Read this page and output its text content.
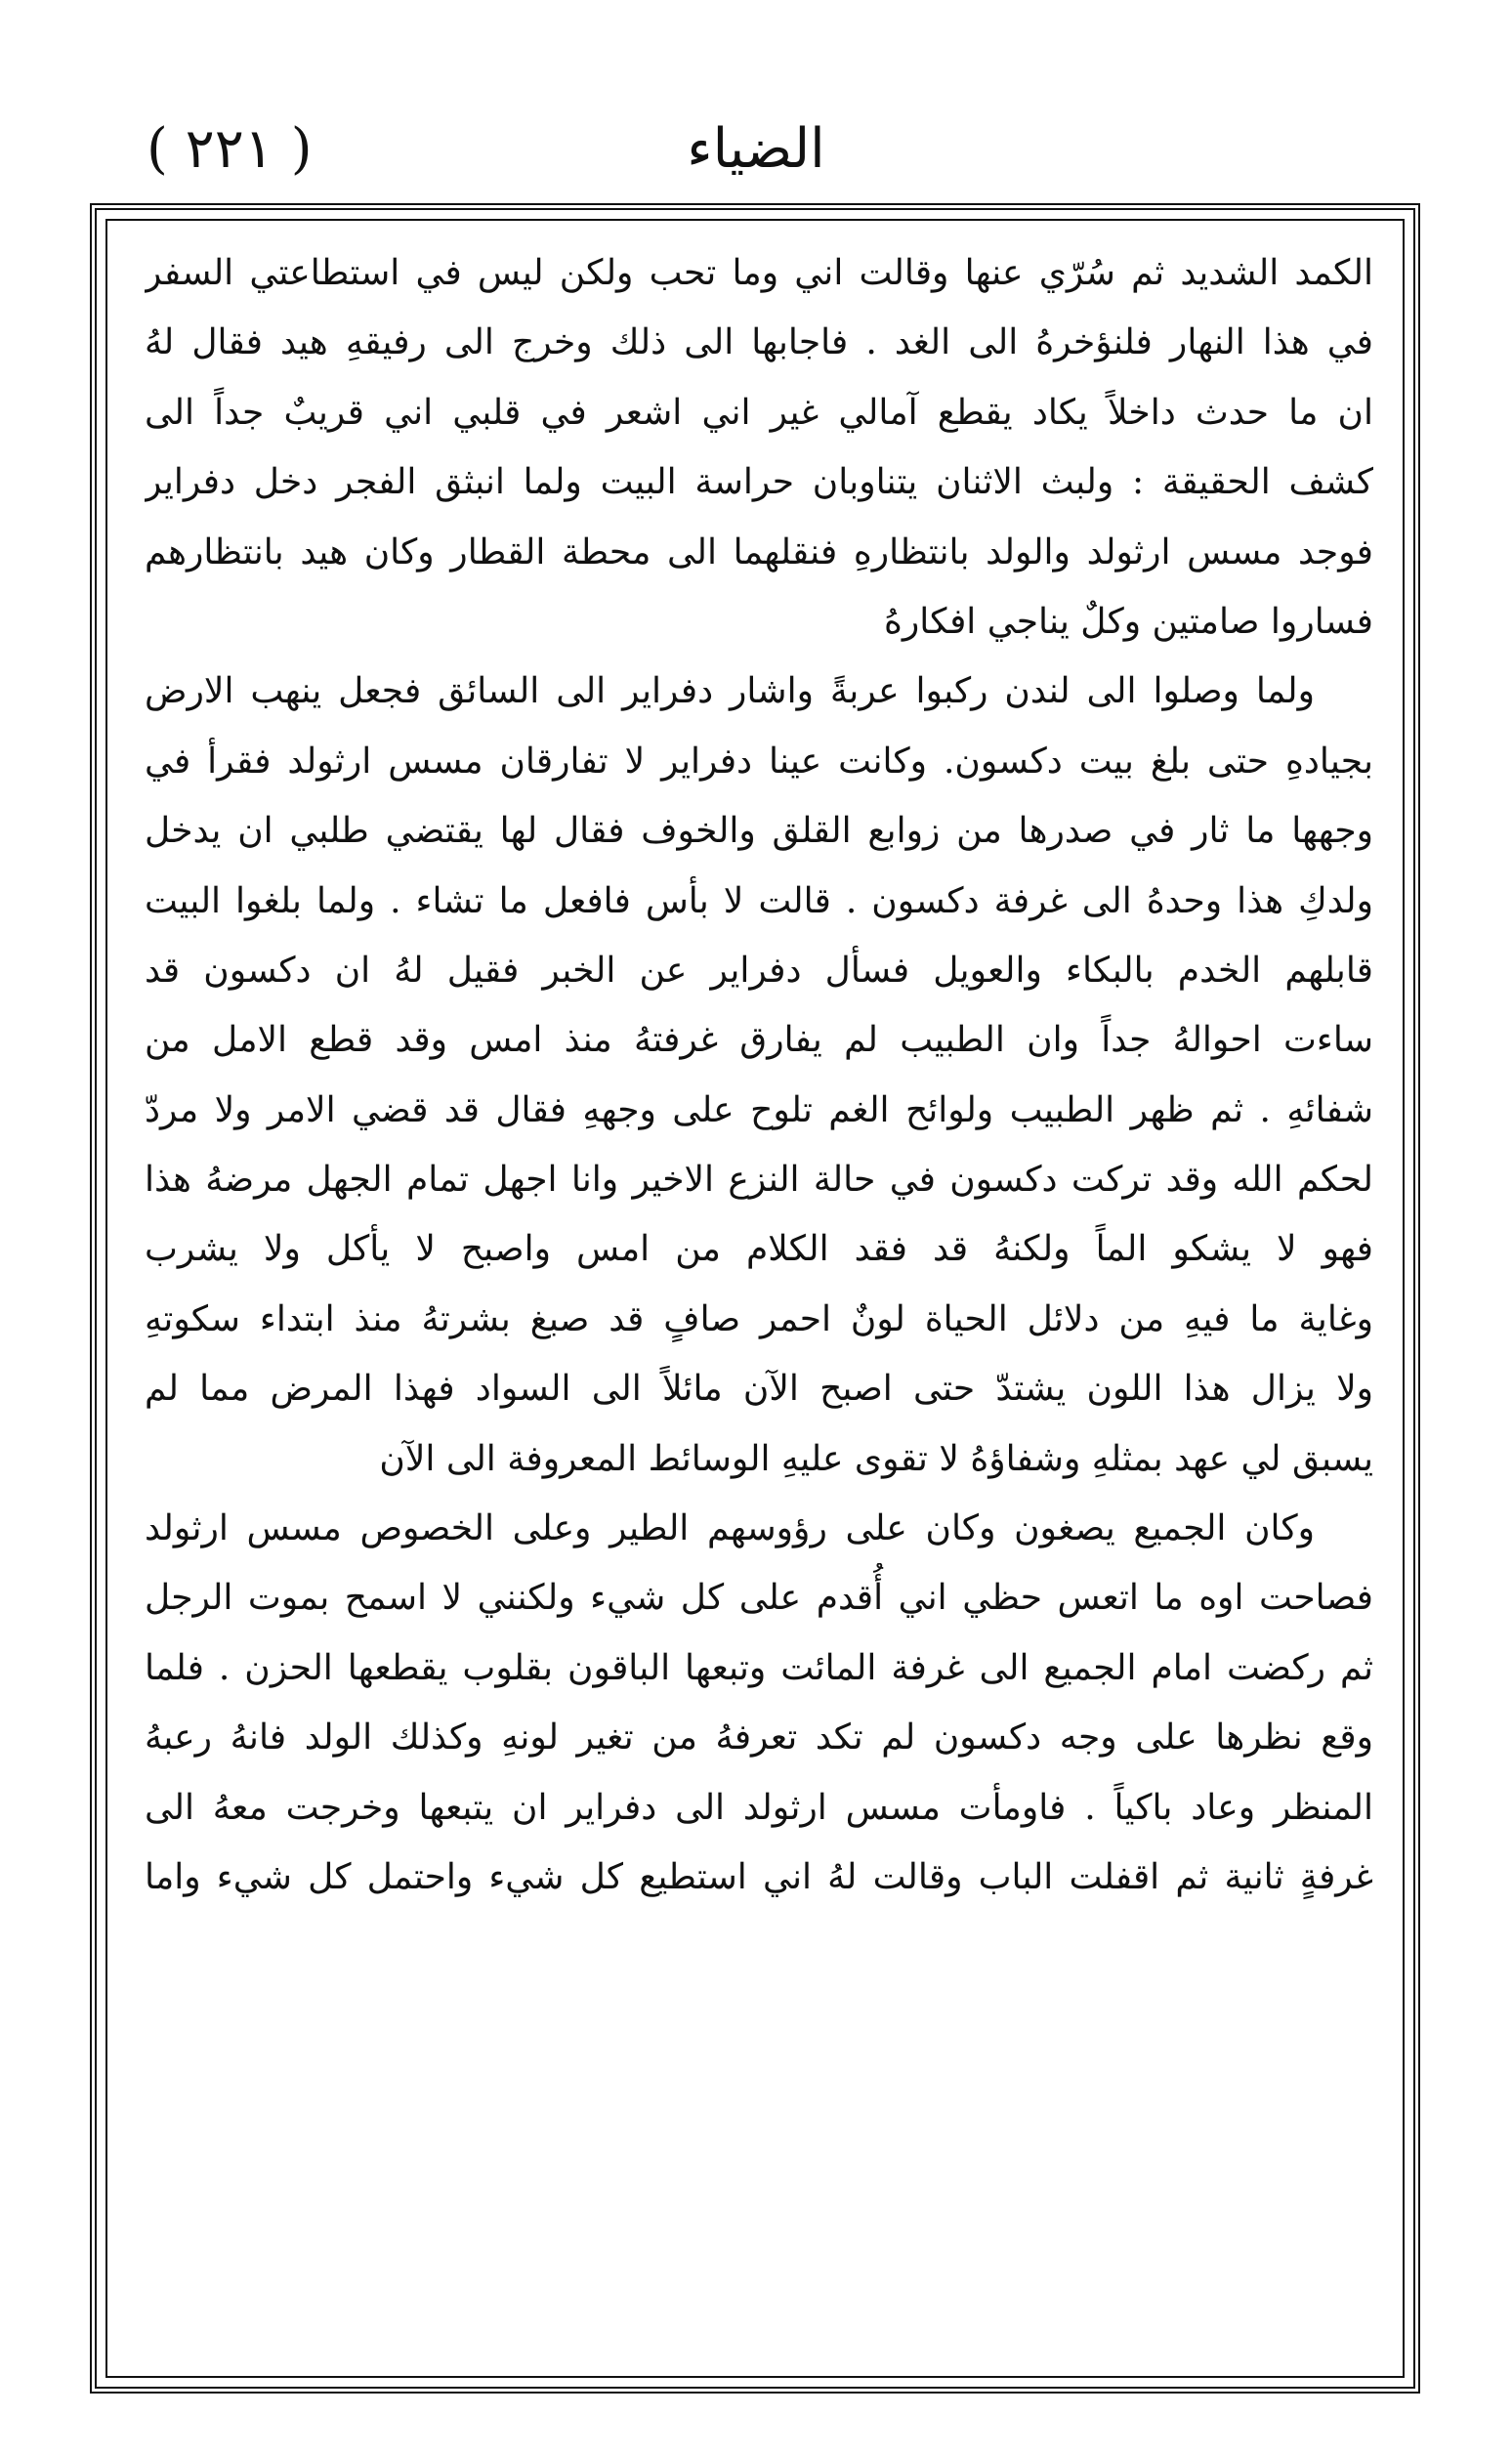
الضياء
( ٢٢١ )
الكمد الشديد ثم سُرّي عنها وقالت اني وما تحب ولكن ليس في استطاعتي السفر
في هذا النهار فلنؤخرهُ الى الغد . فاجابها الى ذلك وخرج الى رفيقهِ هيد فقال لهُ
ان ما حدث داخلاً يكاد يقطع آمالي غير اني اشعر في قلبي اني قريبٌ جداً الى
كشف الحقيقة : ولبث الاثنان يتناوبان حراسة البيت ولما انبثق الفجر دخل دفراير
فوجد مسس ارثولد والولد بانتظارهِ فنقلهما الى محطة القطار وكان هيد بانتظارهم
فساروا صامتين وكلٌ يناجي افكارهُ
ولما وصلوا الى لندن ركبوا عربةً واشار دفراير الى السائق فجعل ينهب الارض
بجيادهِ حتى بلغ بيت دكسون. وكانت عينا دفراير لا تفارقان مسس ارثولد فقرأ في
وجهها ما ثار في صدرها من زوابع القلق والخوف فقال لها يقتضي طلبي ان يدخل
ولدكِ هذا وحدهُ الى غرفة دكسون . قالت لا بأس فافعل ما تشاء . ولما بلغوا البيت
قابلهم الخدم بالبكاء والعويل فسأل دفراير عن الخبر فقيل لهُ ان دكسون قد
ساءت احوالهُ جداً وان الطبيب لم يفارق غرفتهُ منذ امس وقد قطع الامل من
شفائهِ . ثم ظهر الطبيب ولوائح الغم تلوح على وجههِ فقال قد قضي الامر ولا مردّ
لحكم الله وقد تركت دكسون في حالة النزع الاخير وانا اجهل تمام الجهل مرضهُ هذا
فهو لا يشكو الماً ولكنهُ قد فقد الكلام من امس واصبح لا يأكل ولا يشرب
وغاية ما فيهِ من دلائل الحياة لونٌ احمر صافٍ قد صبغ بشرتهُ منذ ابتداء سكوتهِ
ولا يزال هذا اللون يشتدّ حتى اصبح الآن مائلاً الى السواد فهذا المرض مما لم
يسبق لي عهد بمثلهِ وشفاؤهُ لا تقوى عليهِ الوسائط المعروفة الى الآن
وكان الجميع يصغون وكان على رؤوسهم الطير وعلى الخصوص مسس ارثولد
فصاحت اوه ما اتعس حظي اني أُقدم على كل شيء ولكنني لا اسمح بموت الرجل
ثم ركضت امام الجميع الى غرفة المائت وتبعها الباقون بقلوب يقطعها الحزن . فلما
وقع نظرها على وجه دكسون لم تكد تعرفهُ من تغير لونهِ وكذلك الولد فانهُ رعبهُ
المنظر وعاد باكياً . فاومأت مسس ارثولد الى دفراير ان يتبعها وخرجت معهُ الى
غرفةٍ ثانية ثم اقفلت الباب وقالت لهُ اني استطيع كل شيء واحتمل كل شيء واما
